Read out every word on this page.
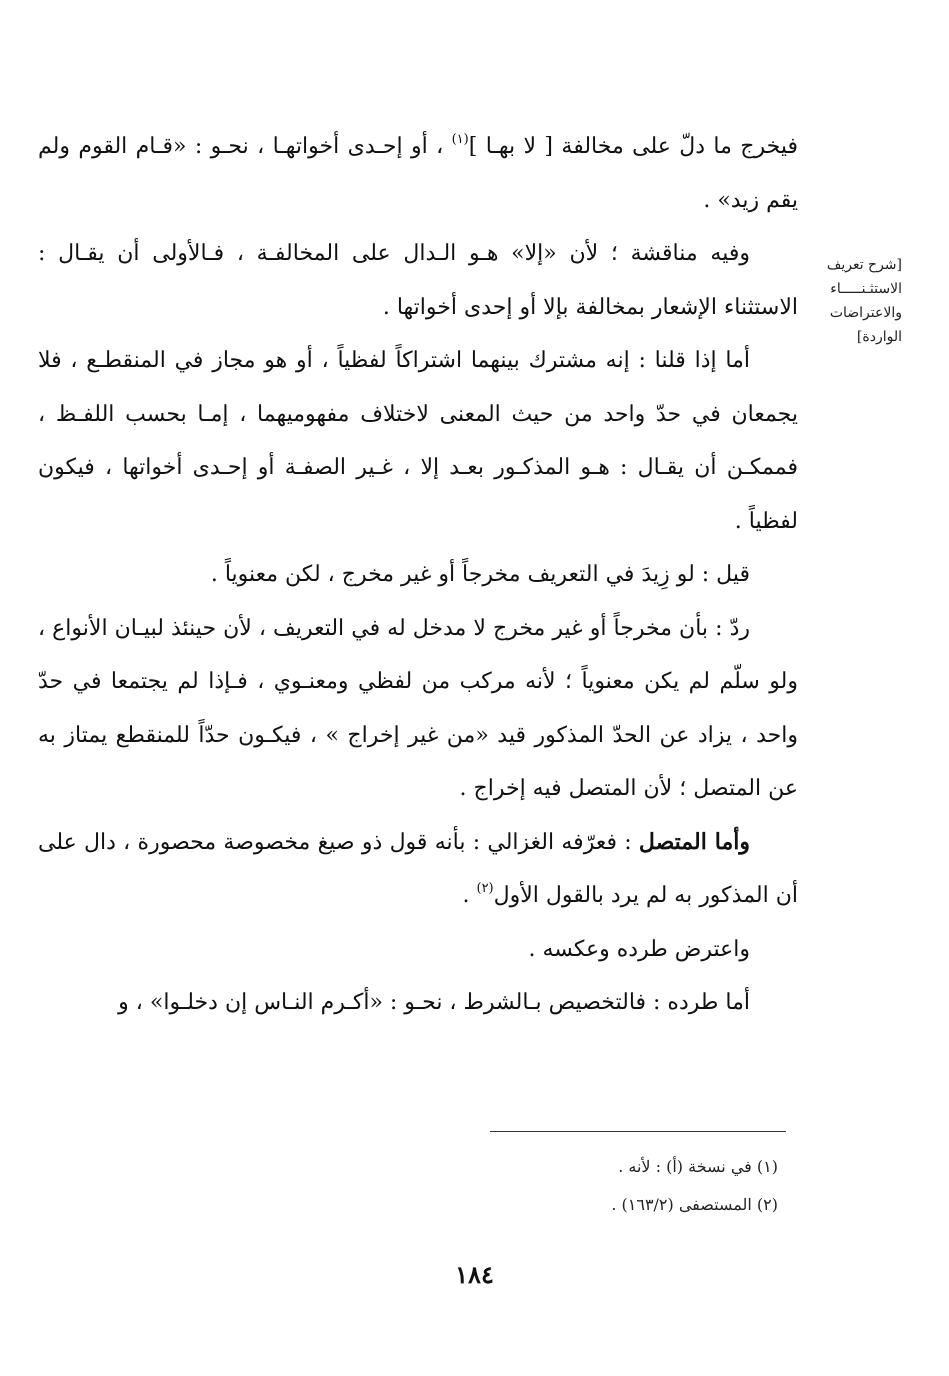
فيخرج ما دلّ على مخالفة [ لا بهـا ]$^{(١)}$ ، أو إحـدى أخواتهـا ، نحـو : «قـام القوم ولم يقم زيد» .

وفيه مناقشة ؛ لأن «إلا» هـو الـدال على المخالفـة ، فـالأولى أن يقـال : الاستثناء الإشعار بمخالفة بإلا أو إحدى أخواتها .

أما إذا قلنا : إنه مشترك بينهما اشتراكاً لفظياً ، أو هو مجاز في المنقطـع ، فلا يجمعان في حدّ واحد من حيث المعنى لاختلاف مفهوميهما ، إمـا بحسب اللفـظ ، فممكـن أن يقـال : هـو المذكـور بعـد إلا ، غـير الصفـة أو إحـدى أخواتها ، فيكون لفظياً .

قيل : لو زِيدَ في التعريف مخرجاً أو غير مخرج ، لكن معنوياً .

ردّ : بأن مخرجاً أو غير مخرج لا مدخل له في التعريف ، لأن حينئذ لبيـان الأنواع ، ولو سلّم لم يكن معنوياً ؛ لأنه مركب من لفظي ومعنـوي ، فـإذا لم يجتمعا في حدّ واحد ، يزاد عن الحدّ المذكور قيد «من غير إخراج » ، فيكـون حدّاً للمنقطع يمتاز به عن المتصل ؛ لأن المتصل فيه إخراج .

وأما المتصل : فعرّفه الغزالي : بأنه قول ذو صيغ مخصوصة محصورة ، دال على أن المذكور به لم يرد بالقول الأول$^{(٢)}$ .

واعترض طرده وعكسه .

أما طرده : فالتخصيص بـالشرط ، نحـو : «أكـرم النـاس إن دخلـوا» ، و

[شرح تعريف
الاستثـنـــــاء
والاعتراضات
الواردة]
(١) في نسخة (أ) : لأنه .
(٢) المستصفى (١٦٣/٢) .
١٨٤
